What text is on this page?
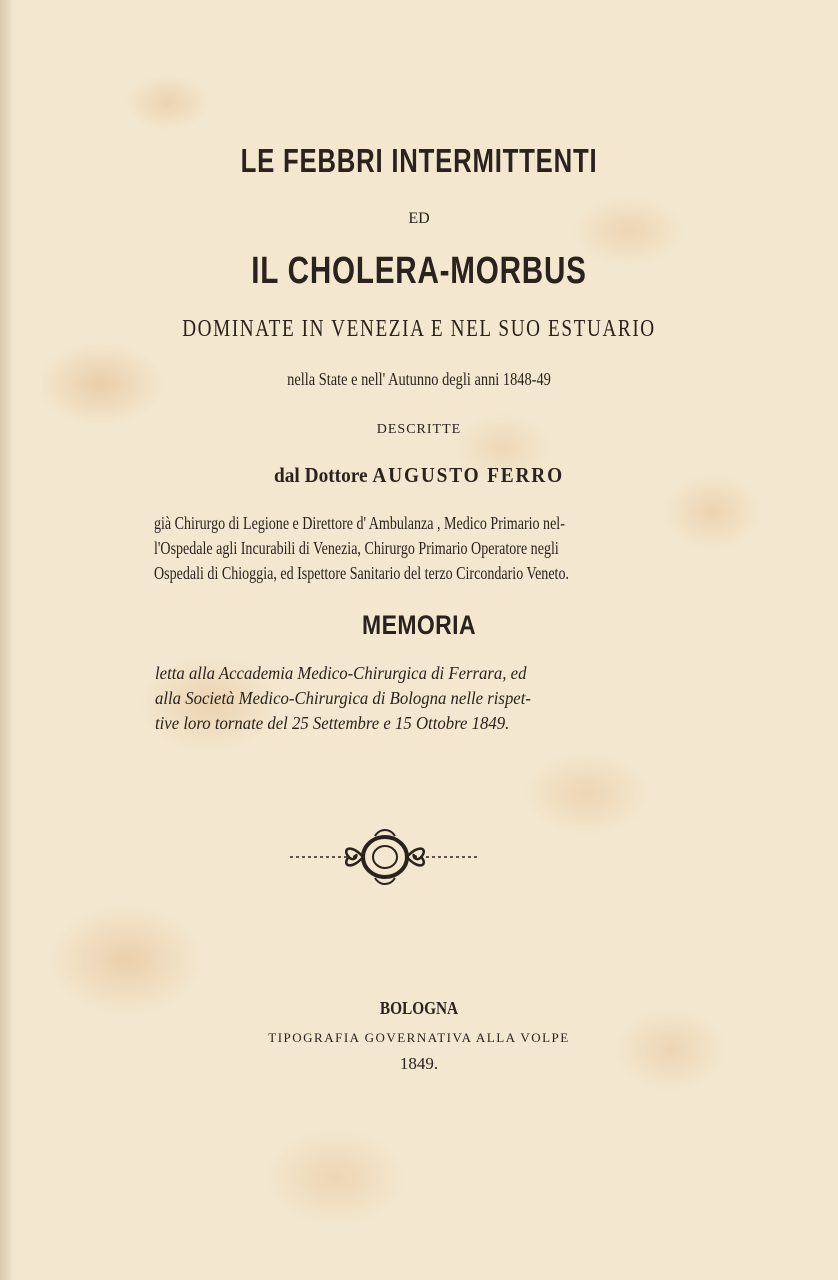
LE FEBBRI INTERMITTENTI
ED
IL CHOLERA-MORBUS
DOMINATE IN VENEZIA E NEL SUO ESTUARIO
nella State e nell' Autunno degli anni 1848-49
DESCRITTE
dal Dottore AUGUSTO FERRO
già Chirurgo di Legione e Direttore d' Ambulanza , Medico Primario nel-
l'Ospedale agli Incurabili di Venezia, Chirurgo Primario Operatore negli
Ospedali di Chioggia, ed Ispettore Sanitario del terzo Circondario Veneto.
MEMORIA
letta alla Accademia Medico-Chirurgica di Ferrara, ed
alla Società Medico-Chirurgica di Bologna nelle rispet-
tive loro tornate del 25 Settembre e 15 Ottobre 1849.
BOLOGNA
TIPOGRAFIA GOVERNATIVA ALLA VOLPE
1849.
